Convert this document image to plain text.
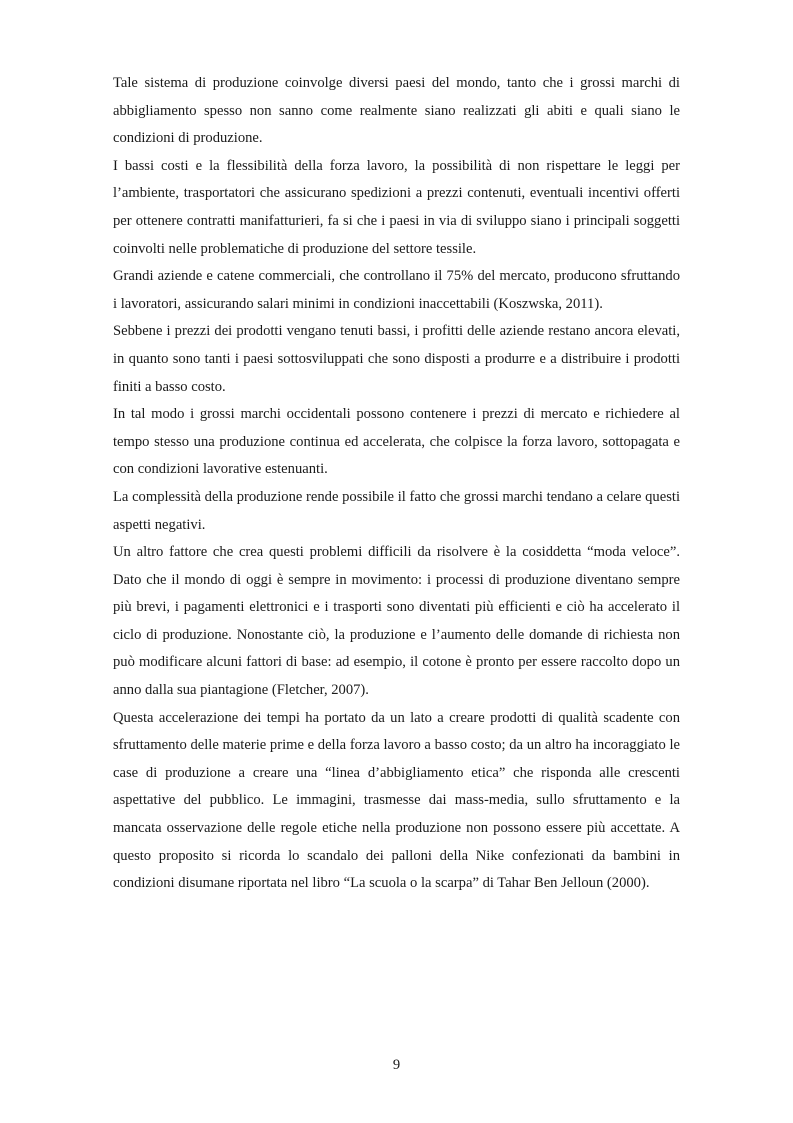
Tale sistema di produzione coinvolge diversi paesi del mondo, tanto che i grossi marchi di abbigliamento spesso non sanno come realmente siano realizzati gli abiti e quali siano le condizioni di produzione.

I bassi costi e la flessibilità della forza lavoro, la possibilità di non rispettare le leggi per l’ambiente, trasportatori che assicurano spedizioni a prezzi contenuti, eventuali incentivi offerti per ottenere contratti manifatturieri, fa si che i paesi in via di sviluppo siano i principali soggetti coinvolti nelle problematiche di produzione del settore tessile.

Grandi aziende e catene commerciali, che controllano il 75% del mercato, producono sfruttando i lavoratori, assicurando salari minimi in condizioni inaccettabili (Koszwska, 2011).

Sebbene i prezzi dei prodotti vengano tenuti bassi, i profitti delle aziende restano ancora elevati, in quanto sono tanti i paesi sottosviluppati che sono disposti a produrre e a distribuire i prodotti finiti a basso costo.

In tal modo i grossi marchi occidentali possono contenere i prezzi di mercato e richiedere al tempo stesso una produzione continua ed accelerata, che colpisce la forza lavoro, sottopagata e con condizioni lavorative estenuanti.

La complessità della produzione rende possibile il fatto che grossi marchi tendano a celare questi aspetti negativi.

Un altro fattore che crea questi problemi difficili da risolvere è la cosiddetta “moda veloce”. Dato che il mondo di oggi è sempre in movimento: i processi di produzione diventano sempre più brevi, i pagamenti elettronici e i trasporti sono diventati più efficienti e ciò ha accelerato il ciclo di produzione. Nonostante ciò, la produzione e l’aumento delle domande di richiesta non può modificare alcuni fattori di base: ad esempio, il cotone è pronto per essere raccolto dopo un anno dalla sua piantagione (Fletcher, 2007).

Questa accelerazione dei tempi ha portato da un lato a creare prodotti di qualità scadente con sfruttamento delle materie prime e della forza lavoro a basso costo; da un altro ha incoraggiato le case di produzione a creare una “linea d’abbigliamento etica” che risponda alle crescenti aspettative del pubblico. Le immagini, trasmesse dai mass-media, sullo sfruttamento e la mancata osservazione delle regole etiche nella produzione non possono essere più accettate. A questo proposito si ricorda lo scandalo dei palloni della Nike confezionati da bambini in condizioni disumane riportata nel libro “La scuola o la scarpa” di Tahar Ben Jelloun (2000).

9
